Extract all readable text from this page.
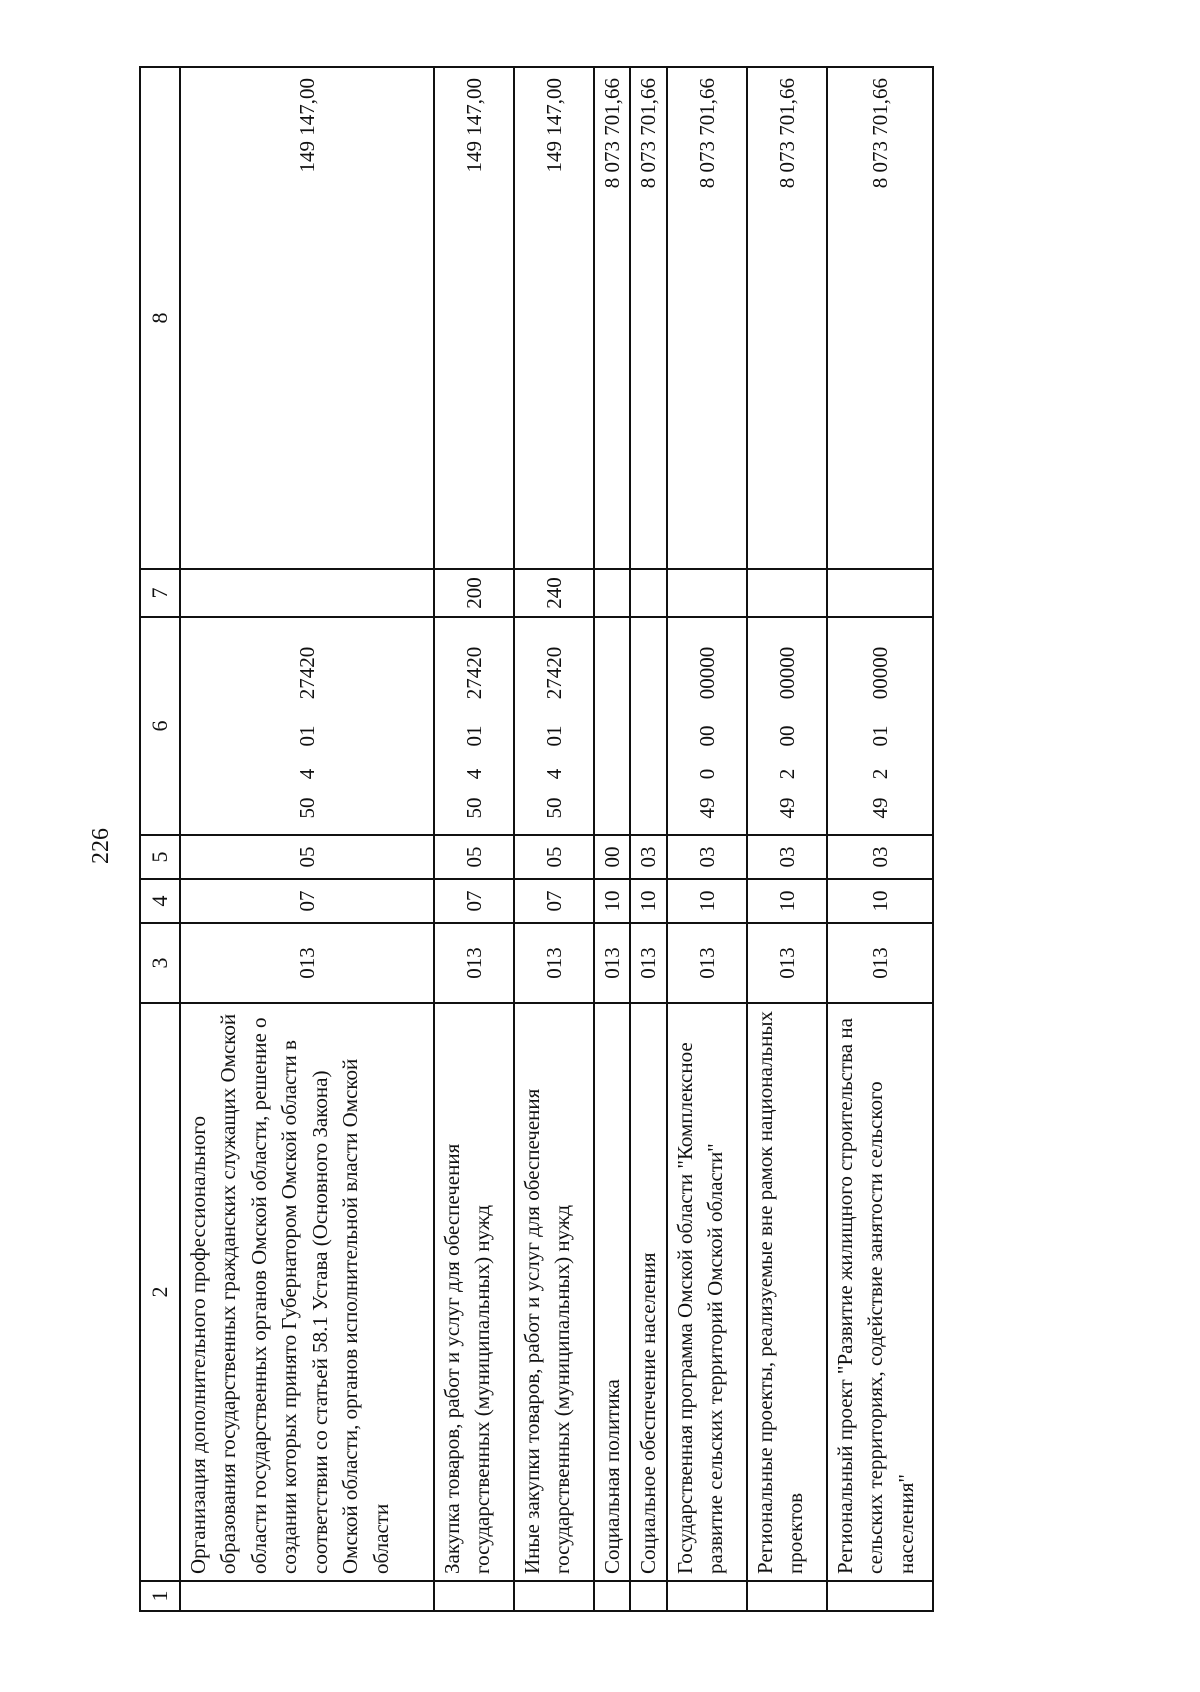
226
1	2	3	4	5	6	7	8
	Организация дополнительного профессионального образования государственных гражданских служащих Омской области государственных органов Омской области, решение о создании которых принято Губернатором Омской области в соответствии со статьей 58.1 Устава (Основного Закона) Омской области, органов исполнительной власти Омской области	013	07	05	5040127420		149 147,00
	Закупка товаров, работ и услуг для обеспечения государственных (муниципальных) нужд	013	07	05	5040127420	200	149 147,00
	Иные закупки товаров, работ и услуг для обеспечения государственных (муниципальных) нужд	013	07	05	5040127420	240	149 147,00
	Социальная политика	013	10	00			8 073 701,66
	Социальное обеспечение населения	013	10	03			8 073 701,66
	Государственная программа Омской области "Комплексное развитие сельских территорий Омской области"	013	10	03	4900000000		8 073 701,66
	Региональные проекты, реализуемые вне рамок национальных проектов	013	10	03	4920000000		8 073 701,66
	Региональный проект "Развитие жилищного строительства на сельских территориях, содействие занятости сельского населения"	013	10	03	4920100000		8 073 701,66
